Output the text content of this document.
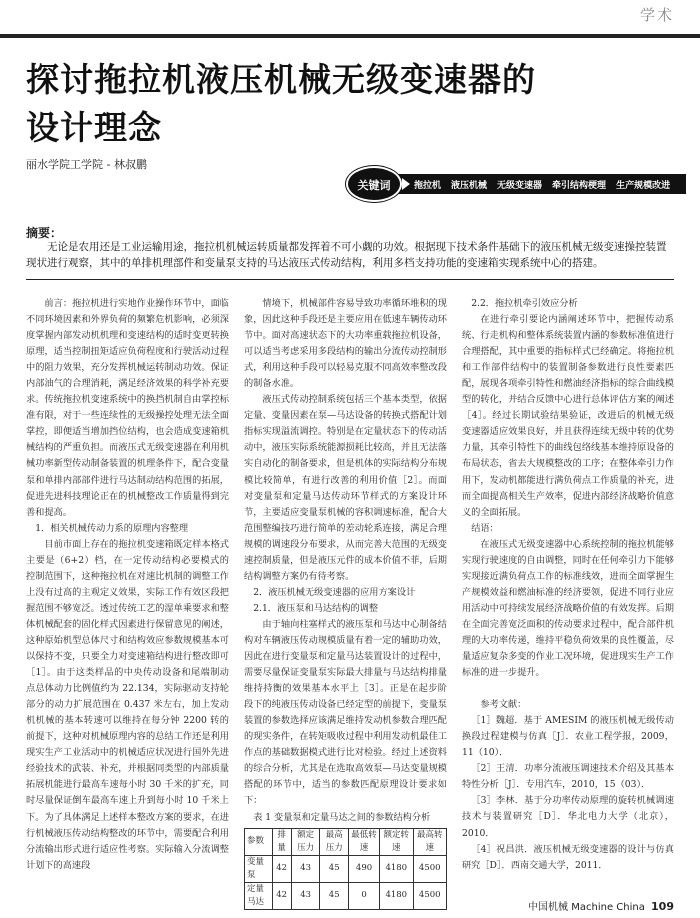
学术
探讨拖拉机液压机械无级变速器的
设计理念
丽水学院工学院 - 林叔鹏
关键词	拖拉机 液压机械 无级变速器 牵引结构梗理 生产规模改进
摘要：

无论是农用还是工业运输用途，拖拉机机械运转质量都发挥着不可小觑的功效。根据现下技术条件基础下的液压机械无级变速操控装置现状进行观察，其中的单排机理部件和变量泵支持的马达液压式传动结构，利用多档支持功能的变速箱实现系统中心的搭建。

前言：拖拉机进行实地作业操作环节中，面临不同环境因素和外界负荷的频繁危机影响，必须深度掌握内部发动机机理和变速结构的适时变更转换原理，适当控制扭矩适应负荷程度和行驶活动过程中的阻力效果，充分发挥机械运转制动功效。保证内部油气的合理消耗，满足经济效果的科学补充要求。传统拖拉机变速系统中的换挡机制自由掌控标准有限，对于一些连续性的无级操控处理无法全面掌控，即便适当增加挡位结构，也会造成变速箱机械结构的严重负担。而液压式无级变速器在利用机械功率新型传动制备装置的机理条件下，配合变量泵和单排内部部件进行马达制动结构范围的拓展，促进先进科技理论正在的机械整改工作质量得到完善和提高。

1．相关机械传动力系的原理内容整理

目前市面上存在的拖拉机变速箱既定样本格式主要是（6+2）档，在一定传动结构必要模式的控制范围下，这种拖拉机在对速比机制的调整工作上没有过高的主观定义效果，实际工作有效区段把握范围不够宽泛。透过传统工艺的湿单乘要求和整体机械配套的固化样式因素进行保留意见的阐述，这种原始机型总体尺寸和结构效应参数规模基本可以保持不变，只要全力对变速箱结构进行整改即可［1］。由于这类样品的中央传动设备和尾端制动点总体动力比例值约为 22.134，实际驱动支持轮部分的动力扩展范围在 0.437 米左右，加上发动机机械的基本转速可以维持在每分钟 2200 转的前提下，这种对机械原理内容的总结工作还是利用现实生产工业活动中的机械适应状况进行国外先进经验技术的武装、补充，并根据同类型的内部质量拓展机能进行最高车速每小时 30 千米的扩充，同时尽量保证倒车最高车速上升到每小时 10 千米上下。为了具体满足上述样本整改方案的要求，在进行机械液压传动结构整改的环节中，需要配合利用分流输出形式进行适应性考察。实际输入分流调整计划下的高速段

情境下，机械部件容易导致功率循环堆积的现象，因此这种手段还是主要应用在低速车辆传动环节中。面对高速状态下的大功率重载拖拉机设备，可以适当考虑采用多段结构的输出分流传动控制形式，利用这种手段可以轻易克服不同高效率整改段的制备水准。

液压式传动控制系统包括三个基本类型，依据定量、变量因素在泵—马达设备的转换式搭配计划指标实现溢流调控。特别是在定量状态下的传动活动中，液压实际系统能源损耗比较高，并且无法落实自动化的制备要求，但是机体的实际结构分布规模比较简单，有进行改善的利用价值［2］。而面对变量泵和定量马达传动环节样式的方案设计环节，主要适应变量泵机械的容积调速标准，配合大范围整编技巧进行简单的差动轮系连接，满足合理规模的调速段分布要求，从而完善大范围的无级变速控制质量，但是液压元件的成本价值不菲，后期结构调整方案仍有待考察。

2．液压机械无级变速器的应用方案设计

2.1．液压泵和马达结构的调整

由于轴向柱塞样式的液压泵和马达中心制备结构对车辆液压传动规模质量有着一定的辅助功效，因此在进行变量泵和定量马达装置设计的过程中，需要尽量保证变量泵实际最大排量与马达结构排量维持持衡的效果基本水平上［3］。正是在起步阶段下的纯液压传动设备已经定型的前提下，变量泵装置的参数选择应该满足维持发动机参数合理匹配的现实条件，在转矩吸收过程中利用发动机最佳工作点的基础数据模式进行比对检验。经过上述资料的综合分析，尤其是在选取高效泵—马达变量规模搭配的环节中，适当的参数匹配原理设计要求如下：

表 1 变量泵和定量马达之间的参数结构分析

参数	排量	额定压力	最高压力	最低转速	额定转速	最高转速
变量泵	42	43	45	490	4180	4500
定量马达	42	43	45	0	4180	4500

2.2．拖拉机牵引效应分析

在进行牵引要论内涵阐述环节中，把握传动系统、行走机构和整体系统装置内涵的参数标准值进行合理搭配，其中重要的指标样式已经确定。将拖拉机和工作部件结构中的装置制备参数进行良性要素匹配，展现各项牵引特性和燃油经济指标的综合曲线模型的转化，并结合反馈中心进行总体评估方案的阐述［4］。经过长期试验结果验证，改进后的机械无级变速器适应效果良好，并且获得连续无级中转的优势力量，其牵引特性下的曲线包络线基本维持原设备的布局状态，省去大规模整改的工序；在整体牵引力作用下，发动机都能进行满负荷点工作质量的补充，进而全面提高相关生产效率，促进内部经济战略价值意义的全面拓展。

结语：

在液压式无级变速器中心系统控制的拖拉机能够实现行驶速度的自由调整，同时在任何牵引力下能够实现接近满负荷点工作的标准线效，进而全面掌握生产规模效益和燃油标准的经济要领，促进不同行业应用活动中可持续发展经济战略价值的有效发挥。后期在全面完善宽泛面积的传动要求过程中，配合部件机理的大功率传递，维持平稳负荷效果的良性覆盖，尽量适应复杂多变的作业工况环境，促进现实生产工作标准的进一步提升。

参考文献：

［1］魏超．基于 AMESIM 的液压机械无级传动换段过程建模与仿真［J］．农业工程学报，2009，11（10）．

［2］王清．功率分流液压调速技术介绍及其基本特性分析［J］．专用汽车，2010，15（03）．

［3］李林．基于分功率传动原理的旋转机械调速技术与装置研究［D］．华北电力大学（北京），2010．

［4］祝昌洪．液压机械无级变速器的设计与仿真研究［D］．西南交通大学，2011．

中国机械 Machine China 109
